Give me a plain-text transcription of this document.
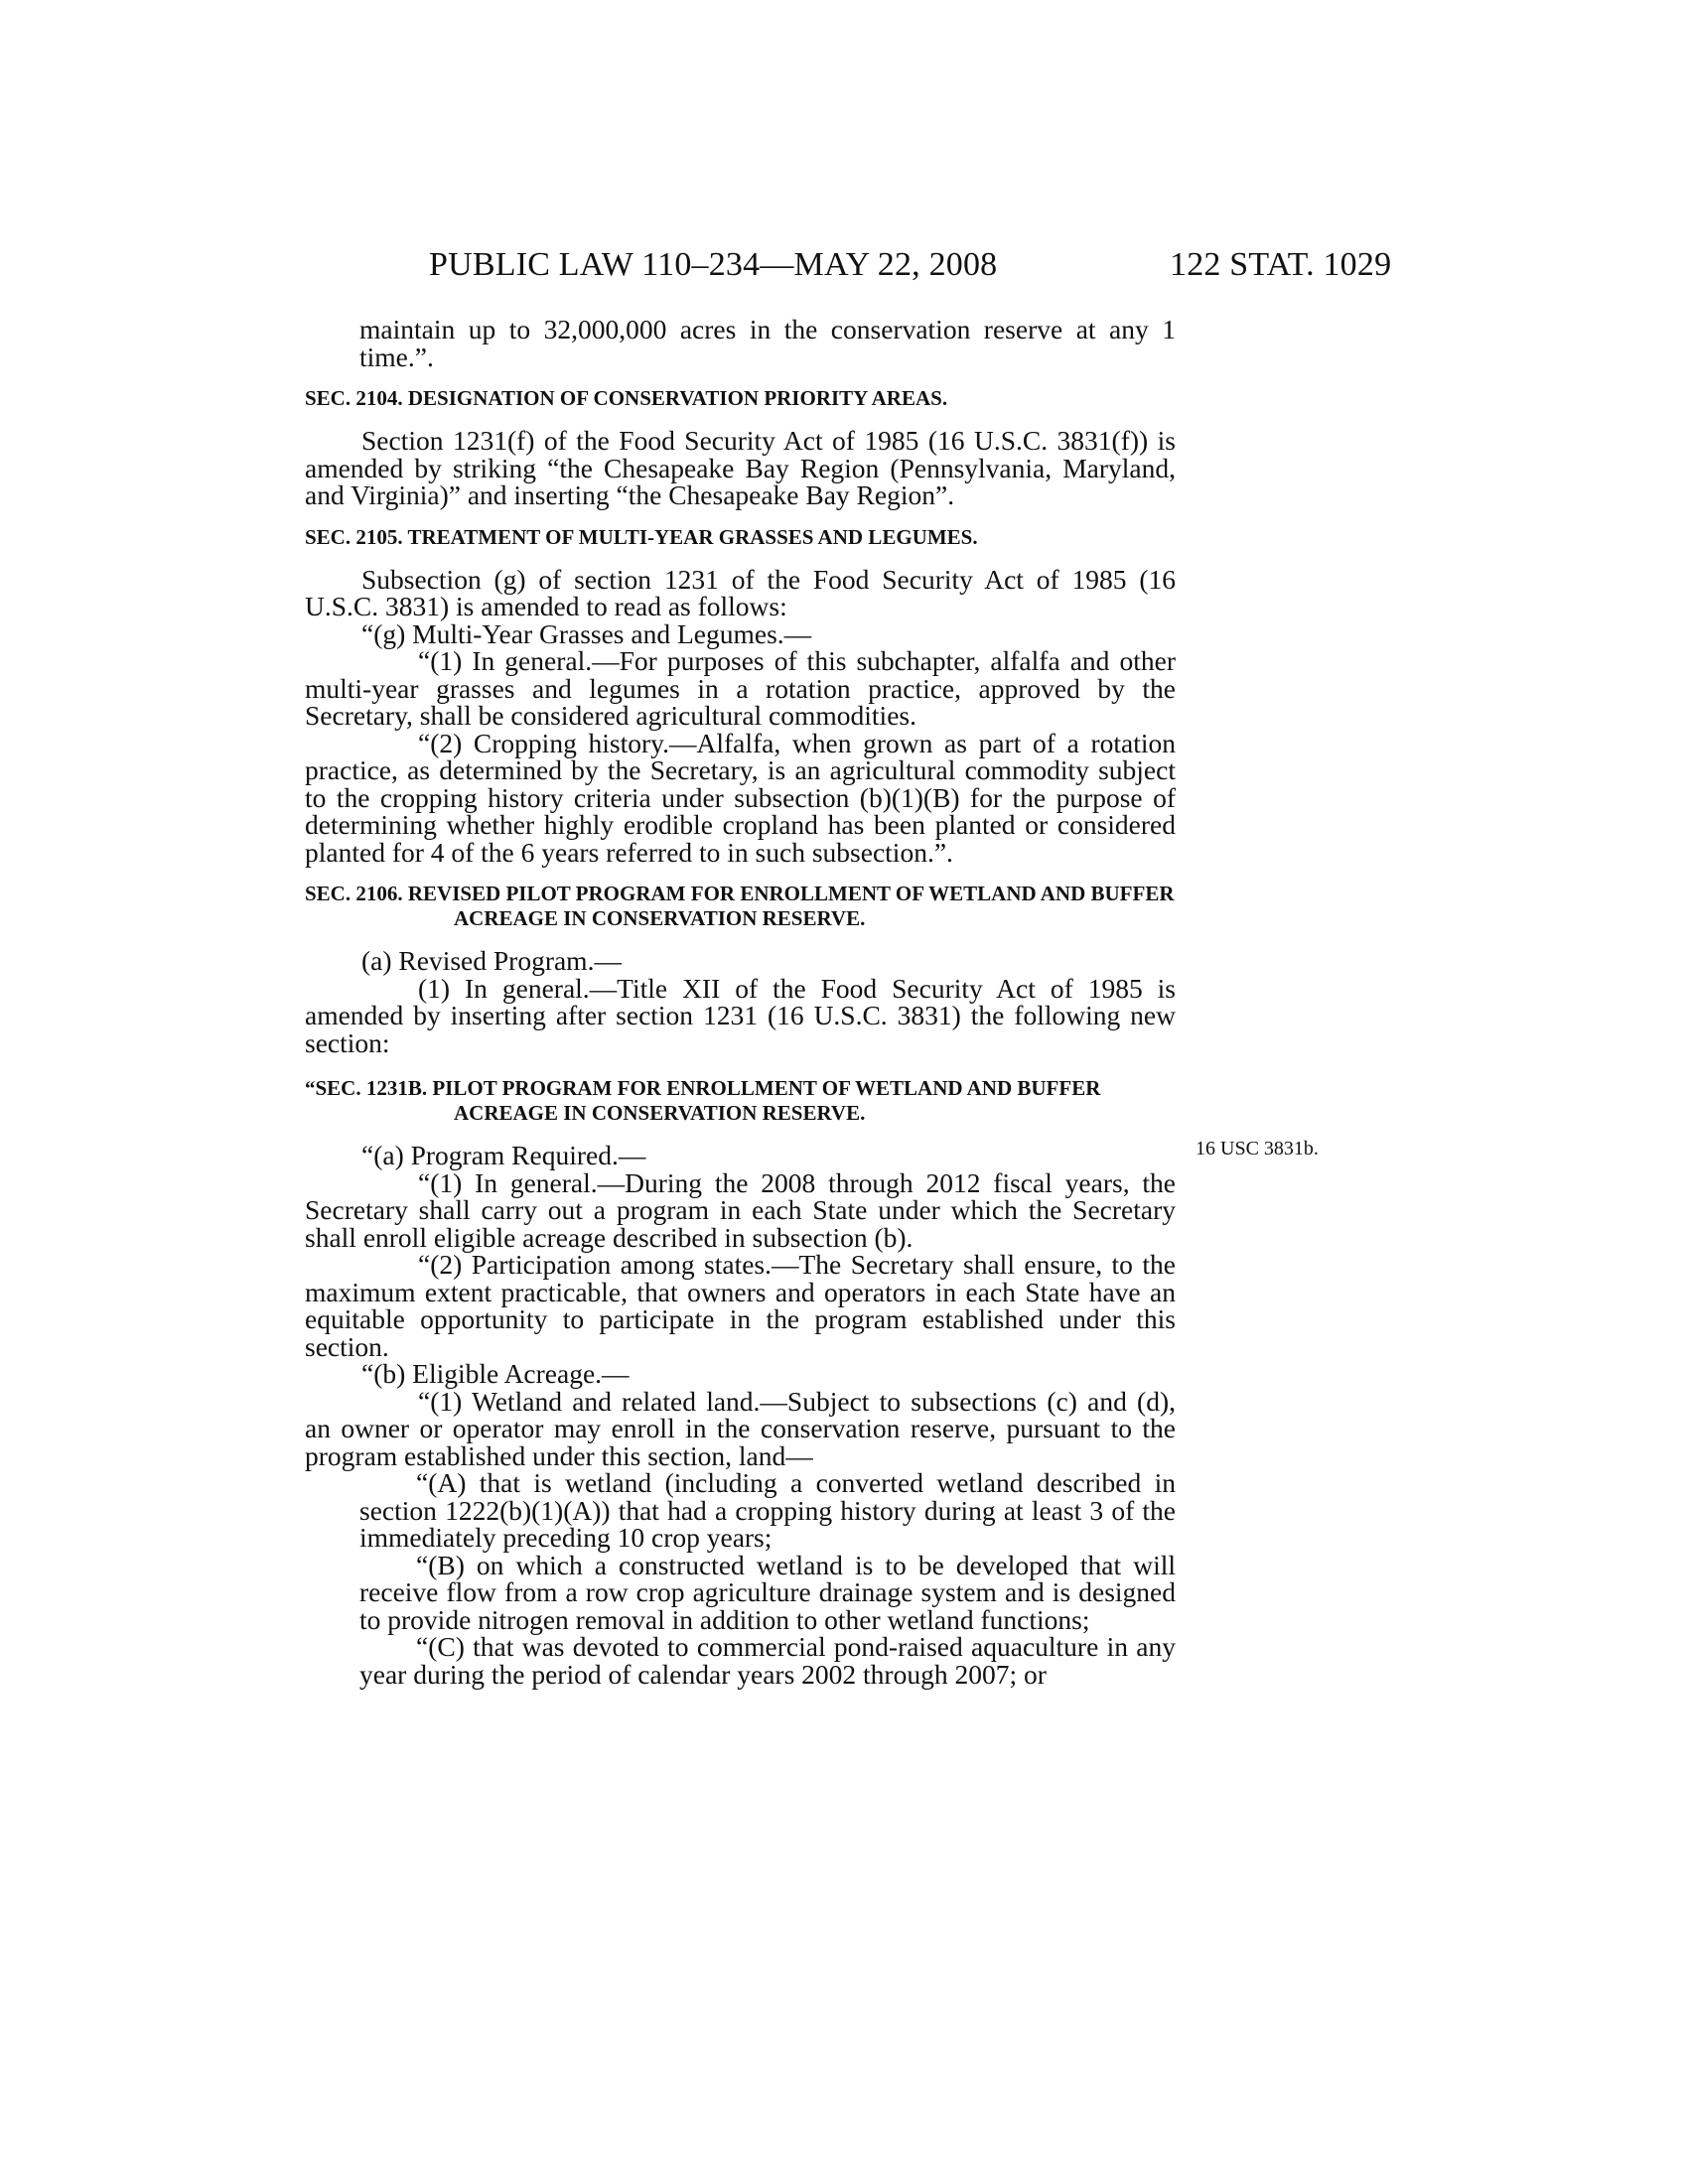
PUBLIC LAW 110–234—MAY 22, 2008	122 STAT. 1029

maintain up to 32,000,000 acres in the conservation reserve at any 1 time.”.

SEC. 2104. DESIGNATION OF CONSERVATION PRIORITY AREAS.

Section 1231(f) of the Food Security Act of 1985 (16 U.S.C. 3831(f)) is amended by striking “the Chesapeake Bay Region (Pennsylvania, Maryland, and Virginia)” and inserting “the Chesapeake Bay Region”.

SEC. 2105. TREATMENT OF MULTI-YEAR GRASSES AND LEGUMES.

Subsection (g) of section 1231 of the Food Security Act of 1985 (16 U.S.C. 3831) is amended to read as follows:

“(g) Multi-Year Grasses and Legumes.—

“(1) In general.—For purposes of this subchapter, alfalfa and other multi-year grasses and legumes in a rotation practice, approved by the Secretary, shall be considered agricultural commodities.

“(2) Cropping history.—Alfalfa, when grown as part of a rotation practice, as determined by the Secretary, is an agricultural commodity subject to the cropping history criteria under subsection (b)(1)(B) for the purpose of determining whether highly erodible cropland has been planted or considered planted for 4 of the 6 years referred to in such subsection.”.

SEC. 2106. REVISED PILOT PROGRAM FOR ENROLLMENT OF WETLAND AND BUFFER ACREAGE IN CONSERVATION RESERVE.

(a) Revised Program.—

(1) In general.—Title XII of the Food Security Act of 1985 is amended by inserting after section 1231 (16 U.S.C. 3831) the following new section:

“SEC. 1231B. PILOT PROGRAM FOR ENROLLMENT OF WETLAND AND BUFFER ACREAGE IN CONSERVATION RESERVE.

“(a) Program Required.—

“(1) In general.—During the 2008 through 2012 fiscal years, the Secretary shall carry out a program in each State under which the Secretary shall enroll eligible acreage described in subsection (b).

“(2) Participation among states.—The Secretary shall ensure, to the maximum extent practicable, that owners and operators in each State have an equitable opportunity to participate in the program established under this section.

“(b) Eligible Acreage.—

“(1) Wetland and related land.—Subject to subsections (c) and (d), an owner or operator may enroll in the conservation reserve, pursuant to the program established under this section, land—

“(A) that is wetland (including a converted wetland described in section 1222(b)(1)(A)) that had a cropping history during at least 3 of the immediately preceding 10 crop years;

“(B) on which a constructed wetland is to be developed that will receive flow from a row crop agriculture drainage system and is designed to provide nitrogen removal in addition to other wetland functions;

“(C) that was devoted to commercial pond-raised aquaculture in any year during the period of calendar years 2002 through 2007; or

16 USC 3831b.
